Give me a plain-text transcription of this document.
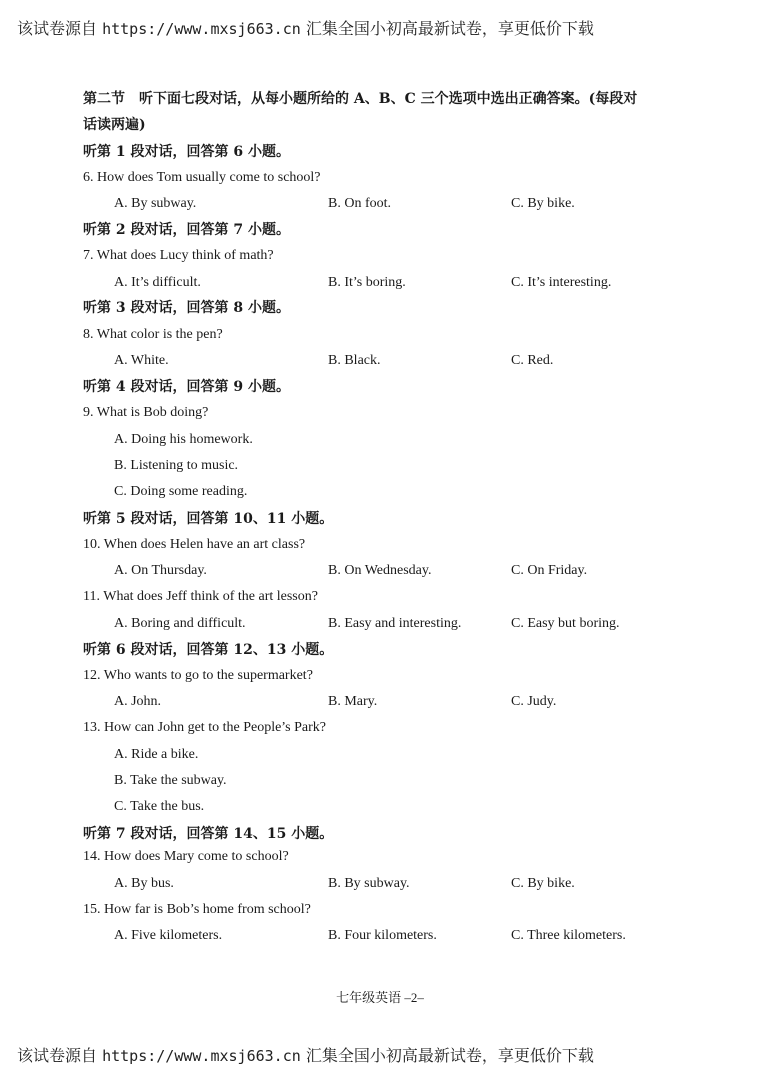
该试卷源自 https://www.mxsj663.cn 汇集全国小初高最新试卷，享更低价下载
第二节　听下面七段对话，从每小题所给的 A、B、C 三个选项中选出正确答案。(每段对
话读两遍)
听第 1 段对话，回答第 6 小题。
6. How does Tom usually come to school?
A. By subway.	B. On foot.	C. By bike.
听第 2 段对话，回答第 7 小题。
7. What does Lucy think of math?
A. It’s difficult.	B. It’s boring.	C. It’s interesting.
听第 3 段对话，回答第 8 小题。
8. What color is the pen?
A. White.	B. Black.	C. Red.
听第 4 段对话，回答第 9 小题。
9. What is Bob doing?
A. Doing his homework.
B. Listening to music.
C. Doing some reading.
听第 5 段对话，回答第 10、11 小题。
10. When does Helen have an art class?
A. On Thursday.	B. On Wednesday.	C. On Friday.
11. What does Jeff think of the art lesson?
A. Boring and difficult.	B. Easy and interesting.	C. Easy but boring.
听第 6 段对话，回答第 12、13 小题。
12. Who wants to go to the supermarket?
A. John.	B. Mary.	C. Judy.
13. How can John get to the People’s Park?
A. Ride a bike.
B. Take the subway.
C. Take the bus.
听第 7 段对话，回答第 14、15 小题。
14. How does Mary come to school?
A. By bus.	B. By subway.	C. By bike.
15. How far is Bob’s home from school?
A. Five kilometers.	B. Four kilometers.	C. Three kilometers.
七年级英语 –2–
该试卷源自 https://www.mxsj663.cn 汇集全国小初高最新试卷，享更低价下载
